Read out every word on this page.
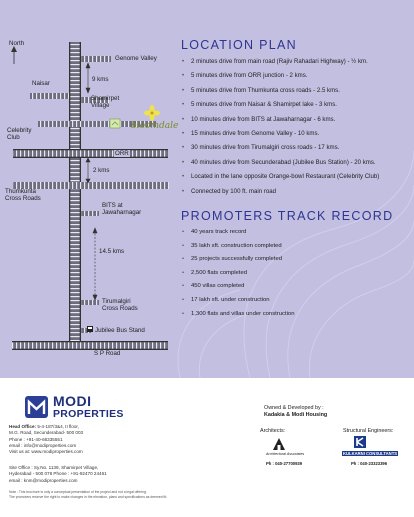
North
Genome Valley
9 kms
Naisar
Shamirpet
Village
Celebrity
Club
ORR
2 kms
Thumkunta
Cross Roads
BITS at
Jawaharnagar
14.5 kms
Tirumalgiri
Cross Roads
Jubilee Bus Stand
S P Road
bloomdale
LOCATION PLAN
• 2 minutes drive from main road (Rajiv Rahadari Highway) - ½ km.
• 5 minutes drive from ORR junction - 2 kms.
• 5 minutes drive from Thumkunta cross roads - 2.5 kms.
• 5 minutes drive from Naisar & Shamirpet lake - 3 kms.
• 10 minutes drive from BITS at Jawaharnagar - 6 kms.
• 15 minutes drive from Genome Valley - 10 kms.
• 30 minutes drive from Tirumalgiri cross roads - 17 kms.
• 40 minutes drive from Secunderabad (Jubilee Bus Station) - 20 kms.
• Located in the lane opposite Orange-bowl Restaurant (Celebrity Club)
• Connected by 100 ft. main road
PROMOTERS TRACK RECORD
• 40 years track record
• 35 lakh sft. construction completed
• 25 projects successfully completed
• 2,500 flats completed
• 450 villas completed
• 17 lakh sft. under construction
• 1,300 flats and villas under construction
MODI
PROPERTIES
Head Office: 5-4-187/3&4, II floor,
M.G. Road, Secunderabad- 500 003
Phone : +91-40-66335551
email : info@modiproperties.com
Visit us at: www.modiproperties.com
Site Office : Sy.No. 1139, Shamirpet Village,
Hyderabad - 500 078 Phone : +91-92470 24461
email : knm@modiproperties.com
Note : This brochure is only a conceptual presentation of the project and not a legal offering.
The promoters reserve the right to make changes in the elevation, plans and specifications as deemed fit.
Owned & Developed by :
Kadakia & Modi Housing
Architects:
Architectural Associates
Ph : 040-27700939
Structural Engineers:
KULKARNI CONSULTANTS
Ph : 040-23323396
